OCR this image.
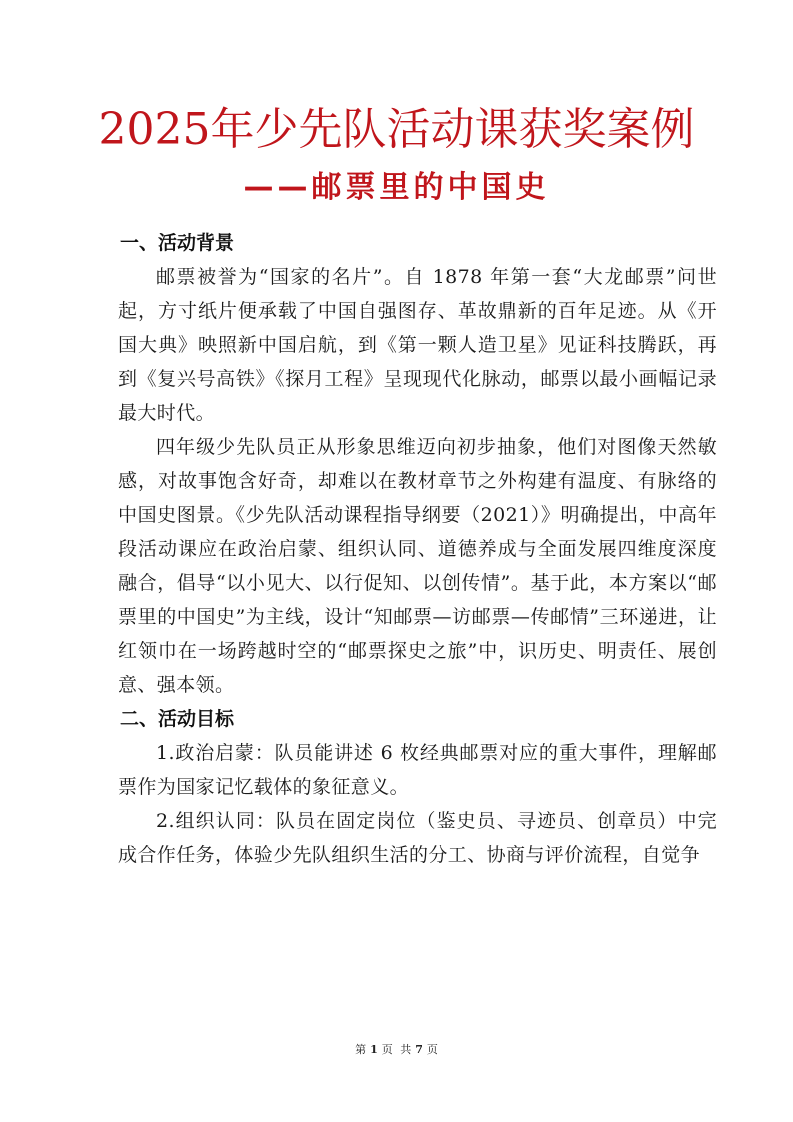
2025年少先队活动课获奖案例
——邮票里的中国史
一、活动背景

邮票被誉为“国家的名片”。自 1878 年第一套“大龙邮票”问世起，方寸纸片便承载了中国自强图存、革故鼎新的百年足迹。从《开国大典》映照新中国启航，到《第一颗人造卫星》见证科技腾跃，再到《复兴号高铁》《探月工程》呈现现代化脉动，邮票以最小画幅记录最大时代。

四年级少先队员正从形象思维迈向初步抽象，他们对图像天然敏感，对故事饱含好奇，却难以在教材章节之外构建有温度、有脉络的中国史图景。《少先队活动课程指导纲要（2021）》明确提出，中高年段活动课应在政治启蒙、组织认同、道德养成与全面发展四维度深度融合，倡导“以小见大、以行促知、以创传情”。基于此，本方案以“邮票里的中国史”为主线，设计“知邮票—访邮票—传邮情”三环递进，让红领巾在一场跨越时空的“邮票探史之旅”中，识历史、明责任、展创意、强本领。

二、活动目标

1.政治启蒙：队员能讲述 6 枚经典邮票对应的重大事件，理解邮票作为国家记忆载体的象征意义。

2.组织认同：队员在固定岗位（鉴史员、寻迹员、创章员）中完成合作任务，体验少先队组织生活的分工、协商与评价流程，自觉争

第 1 页 共 7 页
